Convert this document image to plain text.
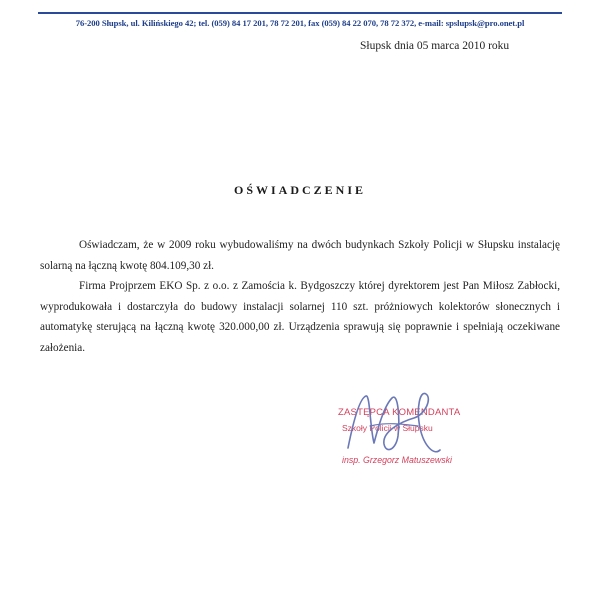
76-200 Słupsk, ul. Kilińskiego 42; tel. (059) 84 17 201, 78 72 201, fax (059) 84 22 070, 78 72 372, e-mail: spslupsk@pro.onet.pl
Słupsk dnia 05 marca 2010 roku
OŚWIADCZENIE

Oświadczam, że w 2009 roku wybudowaliśmy na dwóch budynkach Szkoły Policji w Słupsku instalację solarną na łączną kwotę 804.109,30 zł.

Firma Projprzem EKO Sp. z o.o. z Zamościa k. Bydgoszczy której dyrektorem jest Pan Miłosz Zabłocki, wyprodukowała i dostarczyła do budowy instalacji solarnej 110 szt. próżniowych kolektorów słonecznych i automatykę sterującą na łączną kwotę 320.000,00 zł. Urządzenia sprawują się poprawnie i spełniają oczekiwane założenia.

ZASTĘPCA KOMENDANTA
Szkoły Policji w Słupsku
insp. Grzegorz Matuszewski
